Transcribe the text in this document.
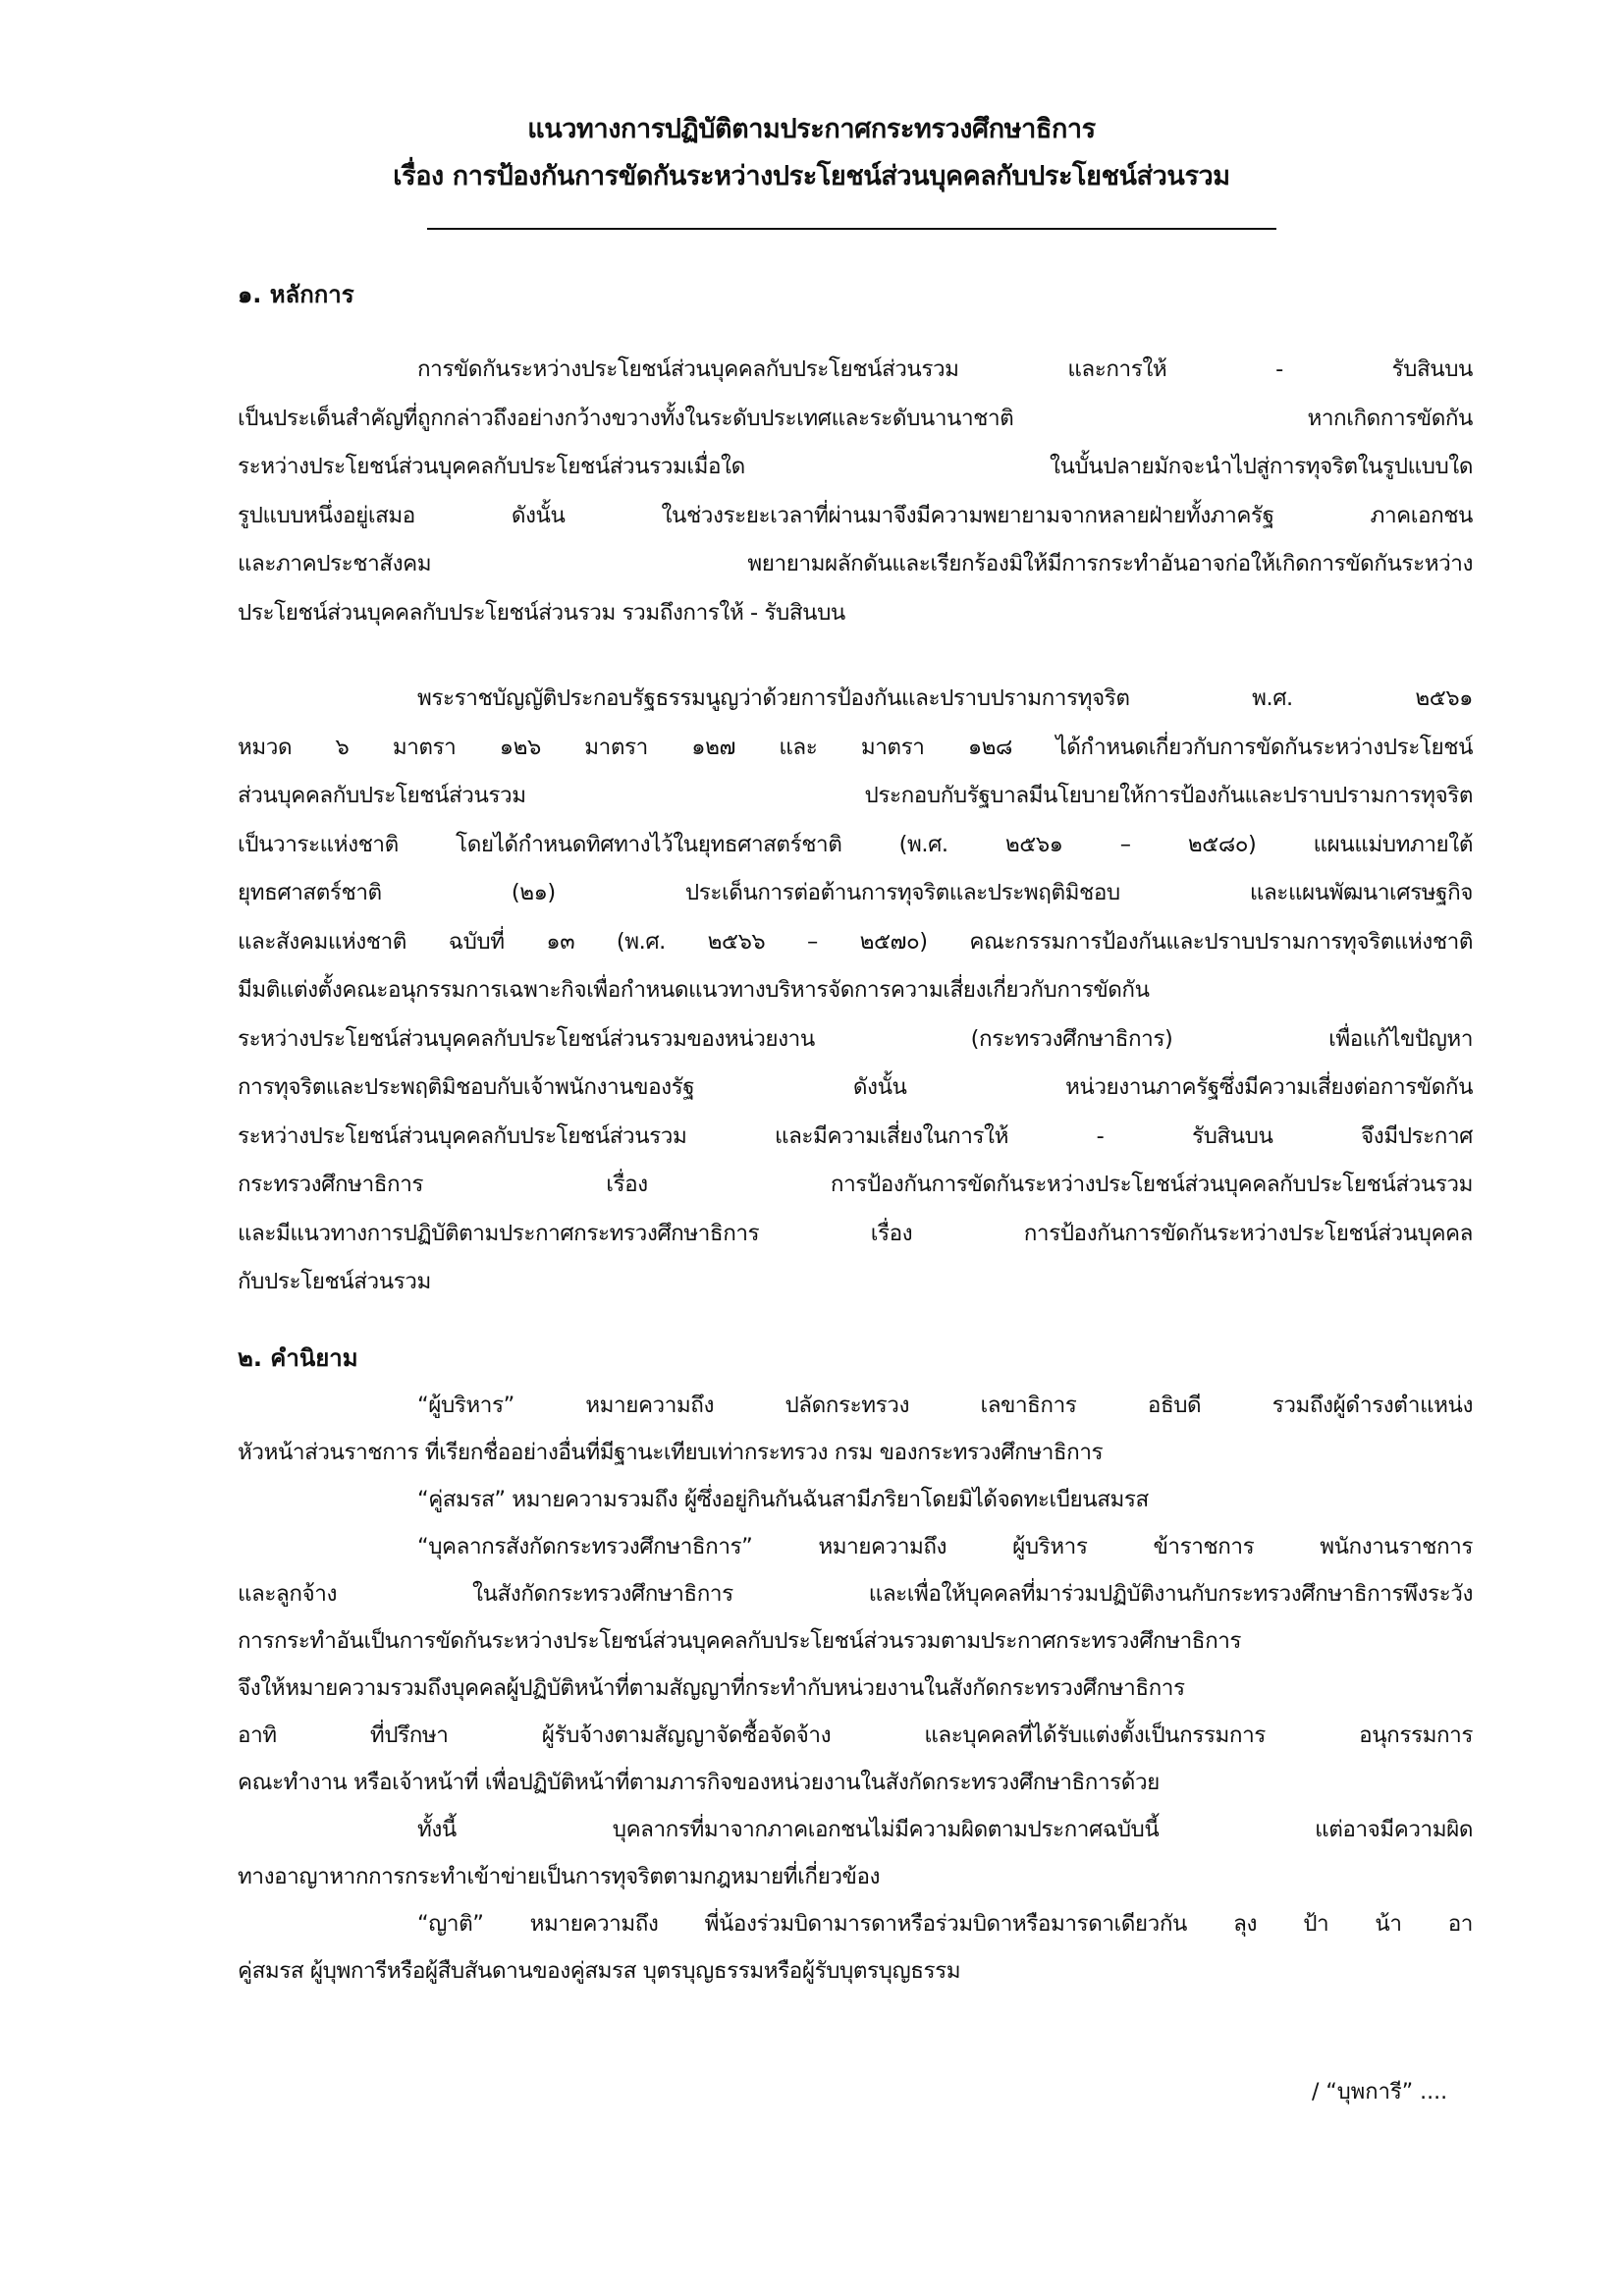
แนวทางการปฏิบัติตามประกาศกระทรวงศึกษาธิการ
เรื่อง การป้องกันการขัดกันระหว่างประโยชน์ส่วนบุคคลกับประโยชน์ส่วนรวม
๑. หลักการ
การขัดกันระหว่างประโยชน์ส่วนบุคคลกับประโยชน์ส่วนรวม และการให้ - รับสินบน
เป็นประเด็นสำคัญที่ถูกกล่าวถึงอย่างกว้างขวางทั้งในระดับประเทศและระดับนานาชาติ หากเกิดการขัดกัน
ระหว่างประโยชน์ส่วนบุคคลกับประโยชน์ส่วนรวมเมื่อใด ในบั้นปลายมักจะนำไปสู่การทุจริตในรูปแบบใด
รูปแบบหนึ่งอยู่เสมอ ดังนั้น ในช่วงระยะเวลาที่ผ่านมาจึงมีความพยายามจากหลายฝ่ายทั้งภาครัฐ ภาคเอกชน
และภาคประชาสังคม พยายามผลักดันและเรียกร้องมิให้มีการกระทำอันอาจก่อให้เกิดการขัดกันระหว่าง
ประโยชน์ส่วนบุคคลกับประโยชน์ส่วนรวม รวมถึงการให้ - รับสินบน
พระราชบัญญัติประกอบรัฐธรรมนูญว่าด้วยการป้องกันและปราบปรามการทุจริต พ.ศ. ๒๕๖๑
หมวด ๖ มาตรา ๑๒๖ มาตรา ๑๒๗ และ มาตรา ๑๒๘ ได้กำหนดเกี่ยวกับการขัดกันระหว่างประโยชน์
ส่วนบุคคลกับประโยชน์ส่วนรวม ประกอบกับรัฐบาลมีนโยบายให้การป้องกันและปราบปรามการทุจริต
เป็นวาระแห่งชาติ โดยได้กำหนดทิศทางไว้ในยุทธศาสตร์ชาติ (พ.ศ. ๒๕๖๑ – ๒๕๘๐) แผนแม่บทภายใต้
ยุทธศาสตร์ชาติ (๒๑) ประเด็นการต่อต้านการทุจริตและประพฤติมิชอบ และแผนพัฒนาเศรษฐกิจ
และสังคมแห่งชาติ ฉบับที่ ๑๓ (พ.ศ. ๒๕๖๖ – ๒๕๗๐) คณะกรรมการป้องกันและปราบปรามการทุจริตแห่งชาติ
มีมติแต่งตั้งคณะอนุกรรมการเฉพาะกิจเพื่อกำหนดแนวทางบริหารจัดการความเสี่ยงเกี่ยวกับการขัดกัน
ระหว่างประโยชน์ส่วนบุคคลกับประโยชน์ส่วนรวมของหน่วยงาน (กระทรวงศึกษาธิการ) เพื่อแก้ไขปัญหา
การทุจริตและประพฤติมิชอบกับเจ้าพนักงานของรัฐ ดังนั้น หน่วยงานภาครัฐซึ่งมีความเสี่ยงต่อการขัดกัน
ระหว่างประโยชน์ส่วนบุคคลกับประโยชน์ส่วนรวม และมีความเสี่ยงในการให้ - รับสินบน จึงมีประกาศ
กระทรวงศึกษาธิการ เรื่อง การป้องกันการขัดกันระหว่างประโยชน์ส่วนบุคคลกับประโยชน์ส่วนรวม
และมีแนวทางการปฏิบัติตามประกาศกระทรวงศึกษาธิการ เรื่อง การป้องกันการขัดกันระหว่างประโยชน์ส่วนบุคคล
กับประโยชน์ส่วนรวม
๒. คำนิยาม
“ผู้บริหาร” หมายความถึง ปลัดกระทรวง เลขาธิการ อธิบดี รวมถึงผู้ดำรงตำแหน่ง
หัวหน้าส่วนราชการ ที่เรียกชื่ออย่างอื่นที่มีฐานะเทียบเท่ากระทรวง กรม ของกระทรวงศึกษาธิการ
“คู่สมรส” หมายความรวมถึง ผู้ซึ่งอยู่กินกันฉันสามีภริยาโดยมิได้จดทะเบียนสมรส
“บุคลากรสังกัดกระทรวงศึกษาธิการ” หมายความถึง ผู้บริหาร ข้าราชการ พนักงานราชการ
และลูกจ้าง ในสังกัดกระทรวงศึกษาธิการ และเพื่อให้บุคคลที่มาร่วมปฏิบัติงานกับกระทรวงศึกษาธิการพึงระวัง
การกระทำอันเป็นการขัดกันระหว่างประโยชน์ส่วนบุคคลกับประโยชน์ส่วนรวมตามประกาศกระทรวงศึกษาธิการ
จึงให้หมายความรวมถึงบุคคลผู้ปฏิบัติหน้าที่ตามสัญญาที่กระทำกับหน่วยงานในสังกัดกระทรวงศึกษาธิการ
อาทิ ที่ปรึกษา ผู้รับจ้างตามสัญญาจัดซื้อจัดจ้าง และบุคคลที่ได้รับแต่งตั้งเป็นกรรมการ อนุกรรมการ
คณะทำงาน หรือเจ้าหน้าที่ เพื่อปฏิบัติหน้าที่ตามภารกิจของหน่วยงานในสังกัดกระทรวงศึกษาธิการด้วย
ทั้งนี้ บุคลากรที่มาจากภาคเอกชนไม่มีความผิดตามประกาศฉบับนี้ แต่อาจมีความผิด
ทางอาญาหากการกระทำเข้าข่ายเป็นการทุจริตตามกฎหมายที่เกี่ยวข้อง
“ญาติ” หมายความถึง พี่น้องร่วมบิดามารดาหรือร่วมบิดาหรือมารดาเดียวกัน ลุง ป้า น้า อา
คู่สมรส ผู้บุพการีหรือผู้สืบสันดานของคู่สมรส บุตรบุญธรรมหรือผู้รับบุตรบุญธรรม
/ “บุพการี” ....
